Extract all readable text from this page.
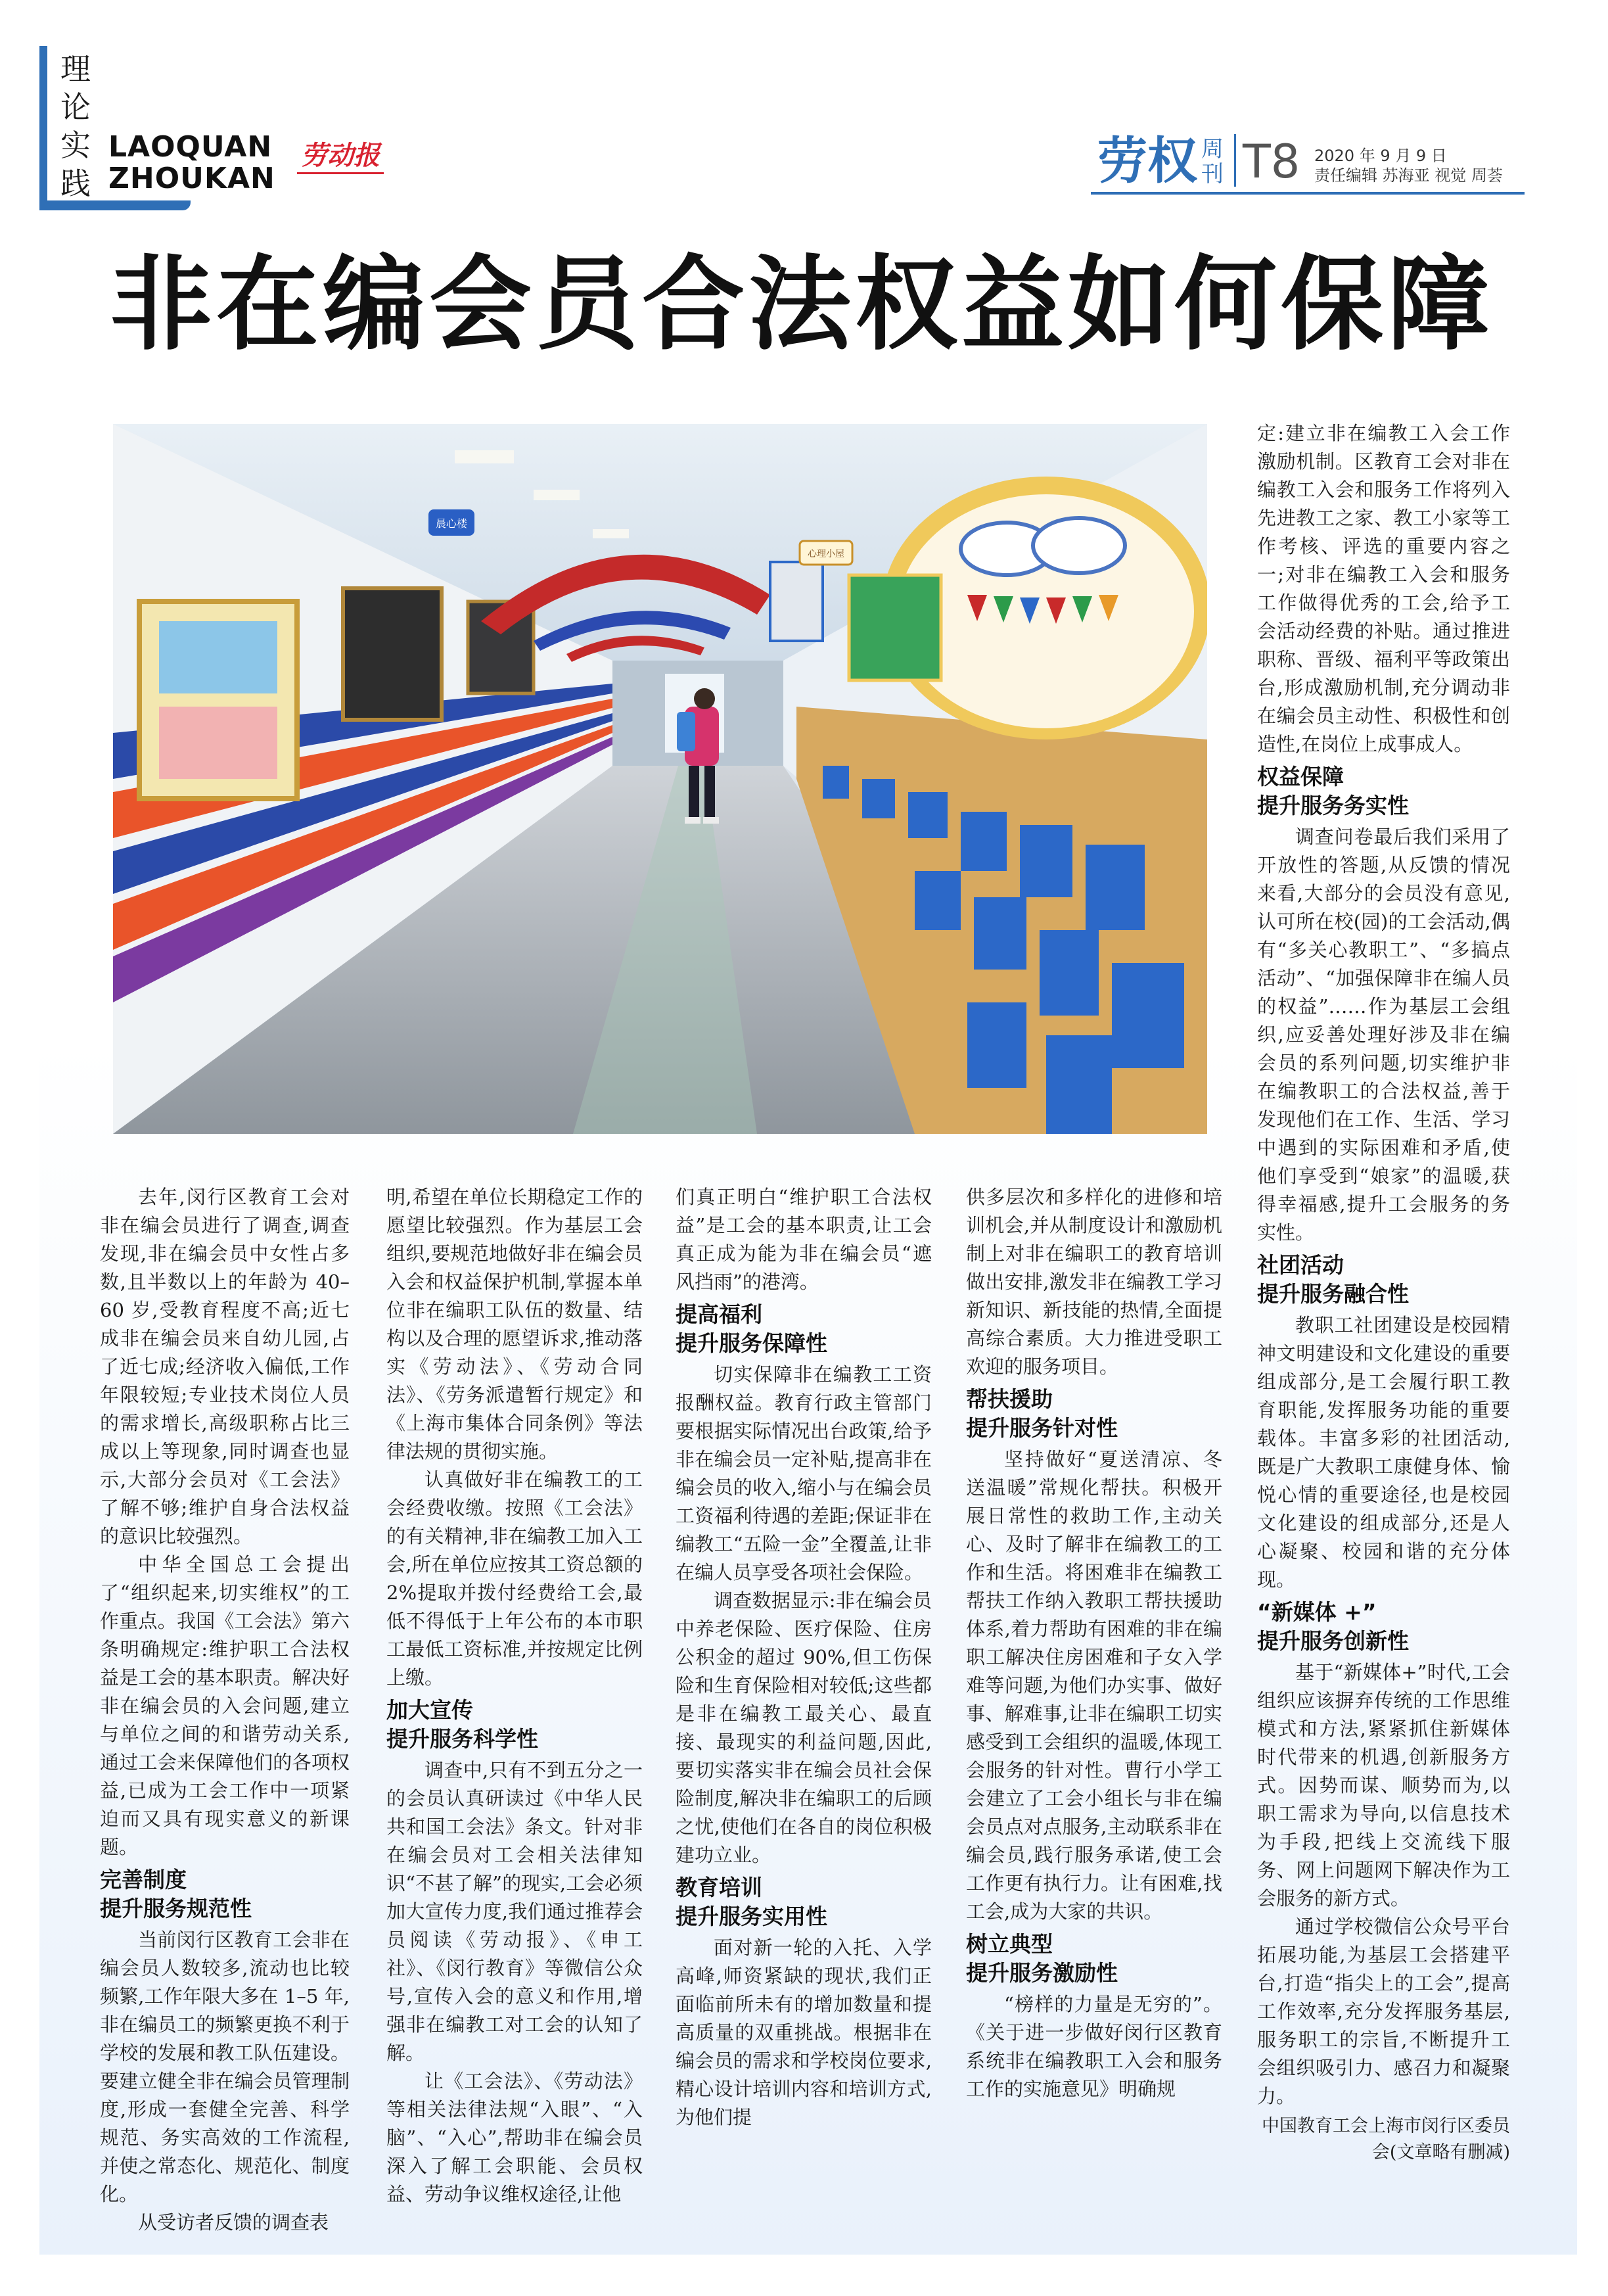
理论实践
LAOQUAN
ZHOUKAN
劳动报	劳权 周刊 T8 2020 年 9 月 9 日
责任编辑 苏海亚 视觉 周荟
非在编会员合法权益如何保障
晨心楼
心理小屋

去年,闵行区教育工会对非在编会员进行了调查,调查发现,非在编会员中女性占多数,且半数以上的年龄为 40–60 岁,受教育程度不高;近七成非在编会员来自幼儿园,占了近七成;经济收入偏低,工作年限较短;专业技术岗位人员的需求增长,高级职称占比三成以上等现象,同时调查也显示,大部分会员对《工会法》了解不够;维护自身合法权益的意识比较强烈。

中华全国总工会提出了“组织起来,切实维权”的工作重点。我国《工会法》第六条明确规定:维护职工合法权益是工会的基本职责。解决好非在编会员的入会问题,建立与单位之间的和谐劳动关系,通过工会来保障他们的各项权益,已成为工会工作中一项紧迫而又具有现实意义的新课题。

完善制度
提升服务规范性

当前闵行区教育工会非在编会员人数较多,流动也比较频繁,工作年限大多在 1–5 年,非在编员工的频繁更换不利于学校的发展和教工队伍建设。要建立健全非在编会员管理制度,形成一套健全完善、科学规范、务实高效的工作流程,并使之常态化、规范化、制度化。

从受访者反馈的调查表

明,希望在单位长期稳定工作的愿望比较强烈。作为基层工会组织,要规范地做好非在编会员入会和权益保护机制,掌握本单位非在编职工队伍的数量、结构以及合理的愿望诉求,推动落实《劳动法》、《劳动合同法》、《劳务派遣暂行规定》和《上海市集体合同条例》等法律法规的贯彻实施。

认真做好非在编教工的工会经费收缴。按照《工会法》的有关精神,非在编教工加入工会,所在单位应按其工资总额的 2%提取并拨付经费给工会,最低不得低于上年公布的本市职工最低工资标准,并按规定比例上缴。

加大宣传
提升服务科学性

调查中,只有不到五分之一的会员认真研读过《中华人民共和国工会法》条文。针对非在编会员对工会相关法律知识“不甚了解”的现实,工会必须加大宣传力度,我们通过推荐会员阅读《劳动报》、《申工社》、《闵行教育》等微信公众号,宣传入会的意义和作用,增强非在编教工对工会的认知了解。

让《工会法》、《劳动法》等相关法律法规“入眼”、“入脑”、“入心”,帮助非在编会员深入了解工会职能、会员权益、劳动争议维权途径,让他

们真正明白“维护职工合法权益”是工会的基本职责,让工会真正成为能为非在编会员“遮风挡雨”的港湾。

提高福利
提升服务保障性

切实保障非在编教工工资报酬权益。教育行政主管部门要根据实际情况出台政策,给予非在编会员一定补贴,提高非在编会员的收入,缩小与在编会员工资福利待遇的差距;保证非在编教工“五险一金”全覆盖,让非在编人员享受各项社会保险。

调查数据显示:非在编会员中养老保险、医疗保险、住房公积金的超过 90%,但工伤保险和生育保险相对较低;这些都是非在编教工最关心、最直接、最现实的利益问题,因此,要切实落实非在编会员社会保险制度,解决非在编职工的后顾之忧,使他们在各自的岗位积极建功立业。

教育培训
提升服务实用性

面对新一轮的入托、入学高峰,师资紧缺的现状,我们正面临前所未有的增加数量和提高质量的双重挑战。根据非在编会员的需求和学校岗位要求,精心设计培训内容和培训方式,为他们提

供多层次和多样化的进修和培训机会,并从制度设计和激励机制上对非在编职工的教育培训做出安排,激发非在编教工学习新知识、新技能的热情,全面提高综合素质。大力推进受职工欢迎的服务项目。

帮扶援助
提升服务针对性

坚持做好“夏送清凉、冬送温暖”常规化帮扶。积极开展日常性的救助工作,主动关心、及时了解非在编教工的工作和生活。将困难非在编教工帮扶工作纳入教职工帮扶援助体系,着力帮助有困难的非在编职工解决住房困难和子女入学难等问题,为他们办实事、做好事、解难事,让非在编职工切实感受到工会组织的温暖,体现工会服务的针对性。曹行小学工会建立了工会小组长与非在编会员点对点服务,主动联系非在编会员,践行服务承诺,使工会工作更有执行力。让有困难,找工会,成为大家的共识。

树立典型
提升服务激励性

“榜样的力量是无穷的”。《关于进一步做好闵行区教育系统非在编教职工入会和服务工作的实施意见》明确规

定:建立非在编教工入会工作激励机制。区教育工会对非在编教工入会和服务工作将列入先进教工之家、教工小家等工作考核、评选的重要内容之一;对非在编教工入会和服务工作做得优秀的工会,给予工会活动经费的补贴。通过推进职称、晋级、福利平等政策出台,形成激励机制,充分调动非在编会员主动性、积极性和创造性,在岗位上成事成人。

权益保障
提升服务务实性

调查问卷最后我们采用了开放性的答题,从反馈的情况来看,大部分的会员没有意见,认可所在校(园)的工会活动,偶有“多关心教职工”、“多搞点活动”、“加强保障非在编人员的权益”……作为基层工会组织,应妥善处理好涉及非在编会员的系列问题,切实维护非在编教职工的合法权益,善于发现他们在工作、生活、学习中遇到的实际困难和矛盾,使他们享受到“娘家”的温暖,获得幸福感,提升工会服务的务实性。

社团活动
提升服务融合性

教职工社团建设是校园精神文明建设和文化建设的重要组成部分,是工会履行职工教育职能,发挥服务功能的重要载体。丰富多彩的社团活动,既是广大教职工康健身体、愉悦心情的重要途径,也是校园文化建设的组成部分,还是人心凝聚、校园和谐的充分体现。

“新媒体 +”
提升服务创新性

基于“新媒体+”时代,工会组织应该摒弃传统的工作思维模式和方法,紧紧抓住新媒体时代带来的机遇,创新服务方式。因势而谋、顺势而为,以职工需求为导向,以信息技术为手段,把线上交流线下服务、网上问题网下解决作为工会服务的新方式。

通过学校微信公众号平台拓展功能,为基层工会搭建平台,打造“指尖上的工会”,提高工作效率,充分发挥服务基层,服务职工的宗旨,不断提升工会组织吸引力、感召力和凝聚力。

中国教育工会上海市闵行区委员会(文章略有删减)
